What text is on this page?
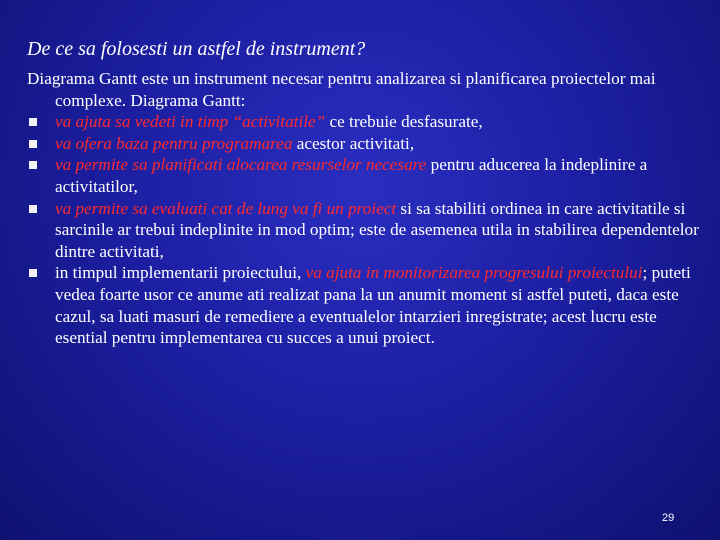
De ce sa folosesti un astfel de instrument?

Diagrama Gantt este un instrument necesar pentru analizarea si planificarea proiectelor mai complexe. Diagrama Gantt:

va ajuta sa vedeti in timp “activitatile” ce trebuie desfasurate,
va ofera baza pentru programarea acestor activitati,
va permite sa planificati alocarea resurselor necesare pentru aducerea la indeplinire a activitatilor,
va permite sa evaluati cat de lung va fi un proiect si sa stabiliti ordinea in care activitatile si sarcinile ar trebui indeplinite in mod optim; este de asemenea utila in stabilirea dependentelor dintre activitati,
in timpul implementarii proiectului, va ajuta in monitorizarea progresului proiectului; puteti vedea foarte usor ce anume ati realizat pana la un anumit moment si astfel puteti, daca este cazul, sa luati masuri de remediere a eventualelor intarzieri inregistrate; acest lucru este esential pentru implementarea cu succes a unui proiect.
29
